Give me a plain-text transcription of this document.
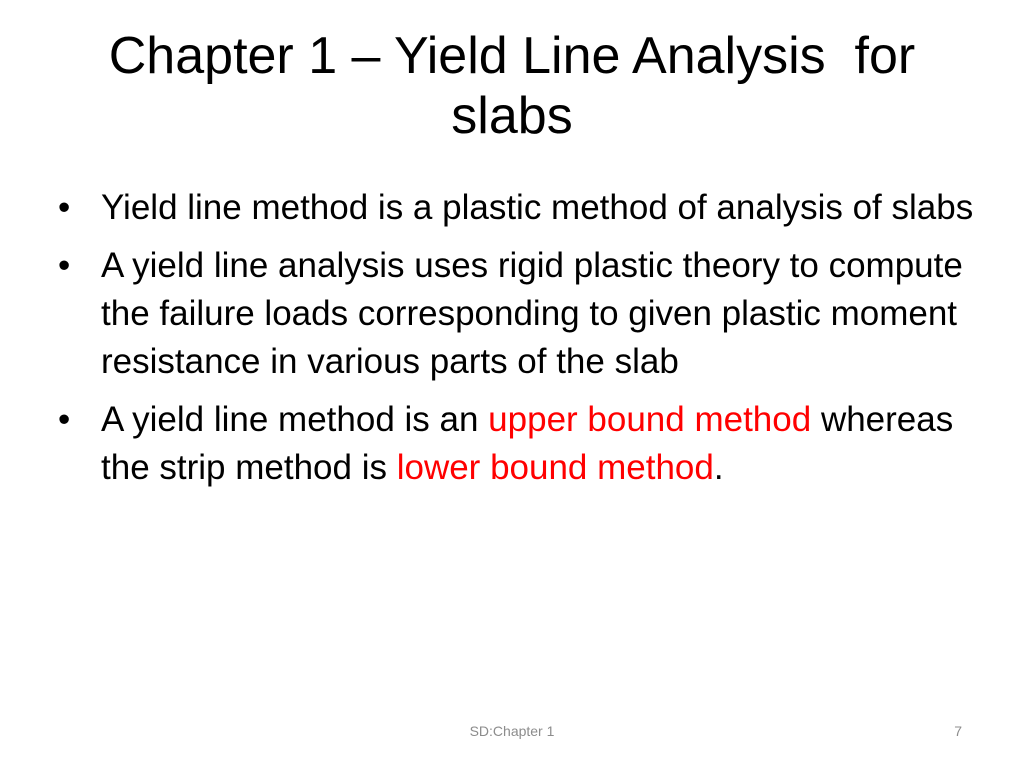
Chapter 1 – Yield Line Analysis  for
slabs
• Yield line method is a plastic method of analysis of slabs
• A yield line analysis uses rigid plastic theory to compute the failure loads corresponding to given plastic moment resistance in various parts of the slab
• A yield line method is an upper bound method whereas the strip method is lower bound method.
SD:Chapter 1	7
